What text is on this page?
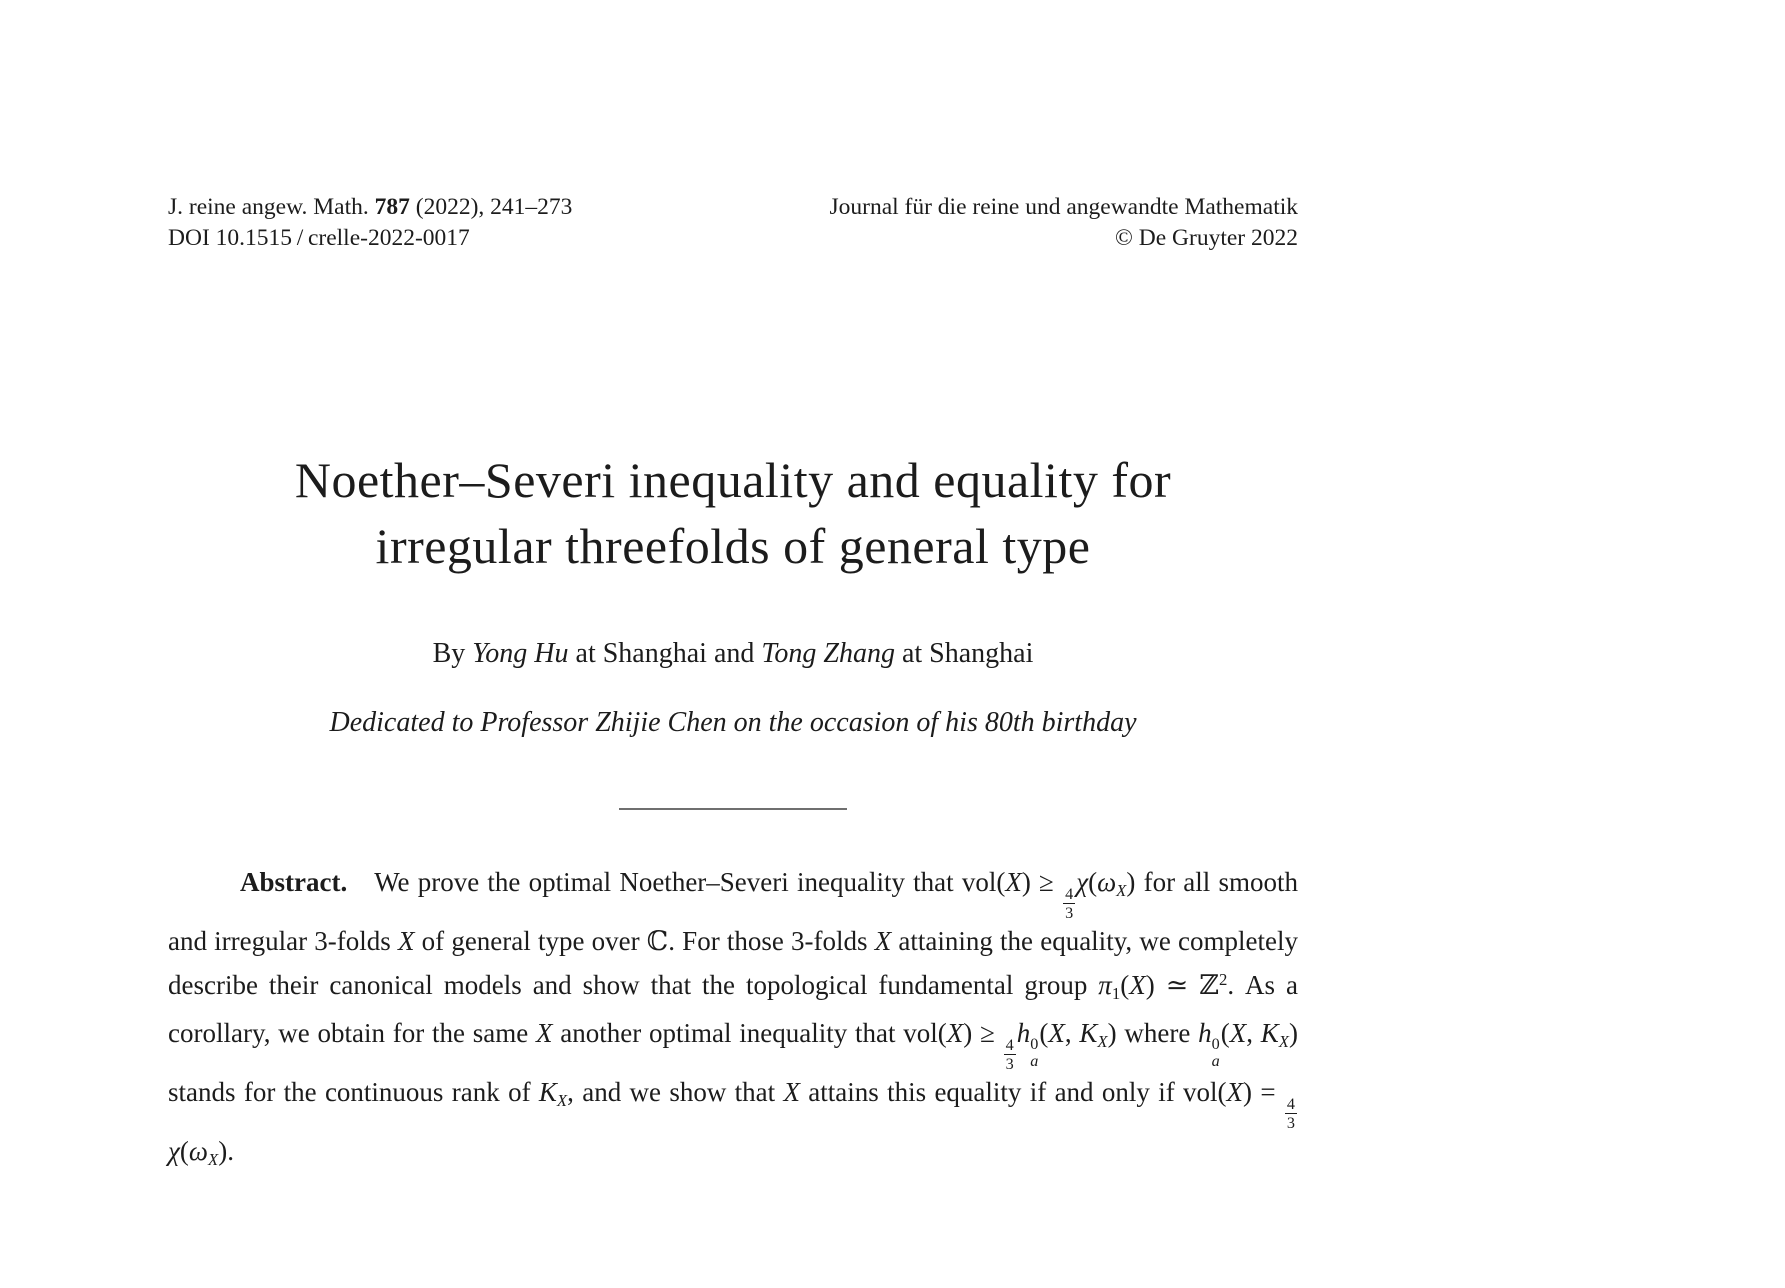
J. reine angew. Math. 787 (2022), 241–273
DOI 10.1515 / crelle-2022-0017
Journal für die reine und angewandte Mathematik
© De Gruyter 2022
Noether–Severi inequality and equality for
irregular threefolds of general type
By Yong Hu at Shanghai and Tong Zhang at Shanghai
Dedicated to Professor Zhijie Chen on the occasion of his 80th birthday

Abstract. We prove the optimal Noether–Severi inequality that vol(X) ≥
$\frac{4}{3}$
χ(ωX) for all smooth and irregular 3-folds X of general type over ℂ. For those 3-folds X attaining the equality, we completely describe their canonical models and show that the topological fundamental group π1(X) ≃ ℤ$^2$. As a corollary, we obtain for the same X another optimal inequality that vol(X) ≥
$\frac{4}{3}$
h 0
a
(X, KX) where h 0
a
(X, KX) stands for the continuous rank of KX, and we show that X attains this equality if and only if vol(X) =
$\frac{4}{3}$
χ(ωX).
